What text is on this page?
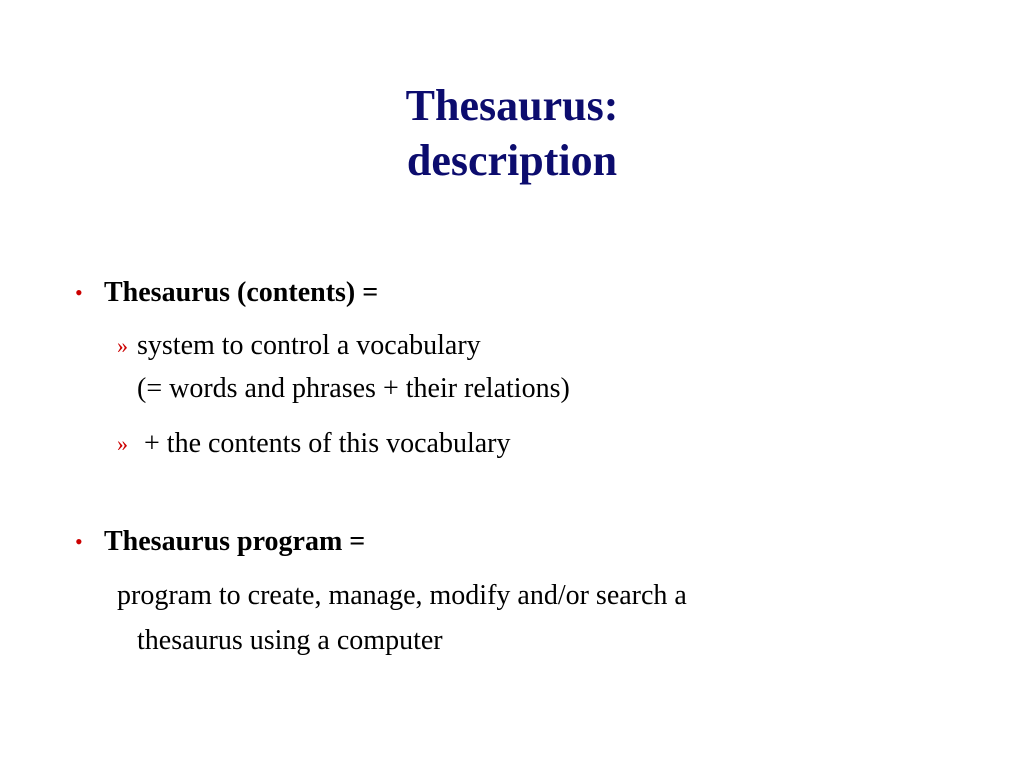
Thesaurus:
description
• Thesaurus (contents) =
» system to control a vocabulary
(= words and phrases + their relations)
» + the contents of this vocabulary
• Thesaurus program =
program to create, manage, modify and/or search a
thesaurus using a computer
